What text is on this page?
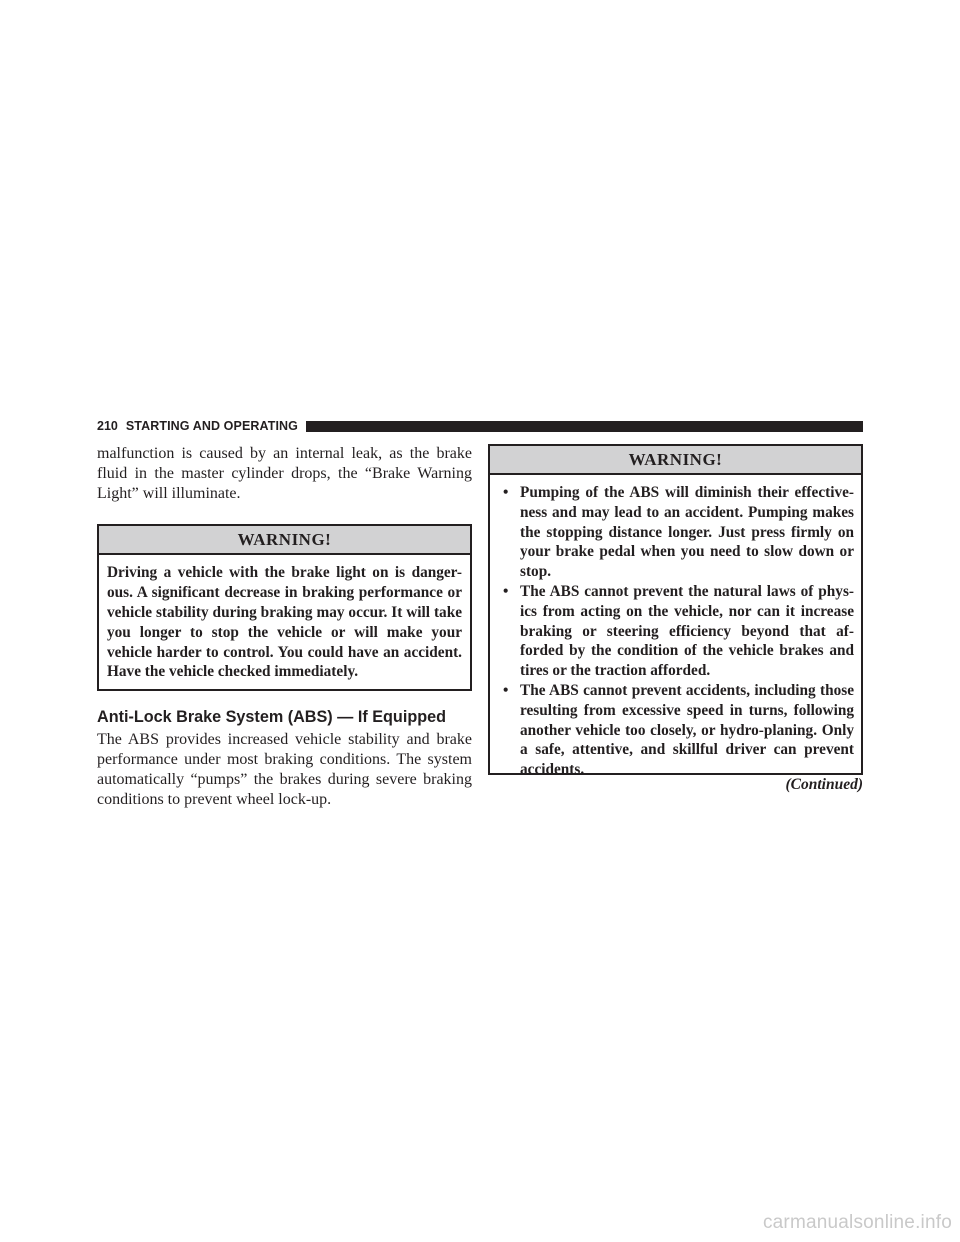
210 STARTING AND OPERATING

malfunction is caused by an internal leak, as the brake fluid in the master cylinder drops, the “Brake Warning Light” will illuminate.

WARNING!
Driving a vehicle with the brake light on is danger-ous. A significant decrease in braking performance or vehicle stability during braking may occur. It will take you longer to stop the vehicle or will make your vehicle harder to control. You could have an accident. Have the vehicle checked immediately.
Anti-Lock Brake System (ABS) — If Equipped

The ABS provides increased vehicle stability and brake performance under most braking conditions. The system automatically “pumps” the brakes during severe braking conditions to prevent wheel lock-up.

WARNING!
• Pumping of the ABS will diminish their effective-ness and may lead to an accident. Pumping makes the stopping distance longer. Just press firmly on your brake pedal when you need to slow down or stop.
• The ABS cannot prevent the natural laws of phys-ics from acting on the vehicle, nor can it increase braking or steering efficiency beyond that af-forded by the condition of the vehicle brakes and tires or the traction afforded.
• The ABS cannot prevent accidents, including those resulting from excessive speed in turns, following another vehicle too closely, or hydro-planing. Only a safe, attentive, and skillful driver can prevent accidents.
(Continued)
carmanualsonline.info
